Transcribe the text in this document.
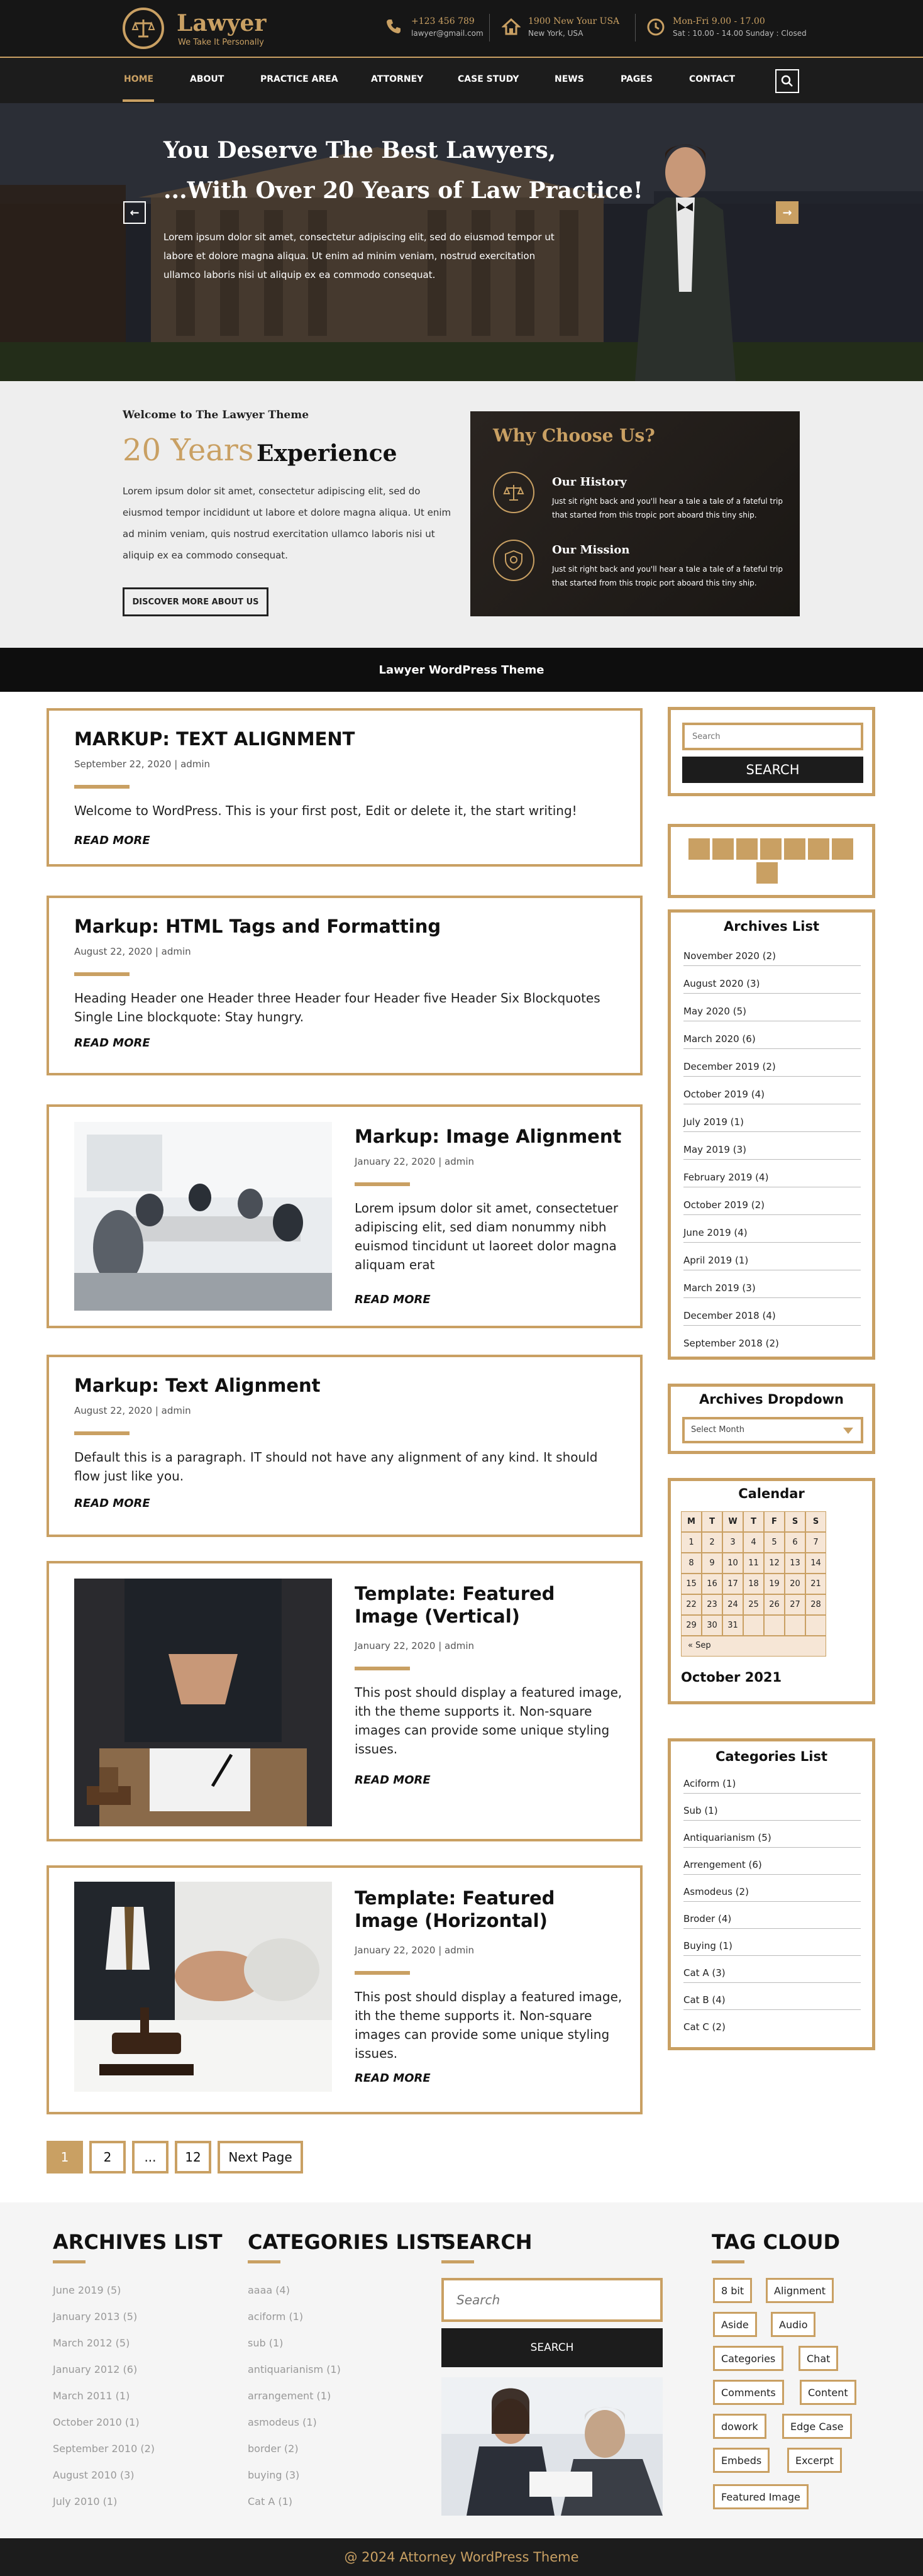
Lawyer
We Take It Personally
+123 456 789
lawyer@gmail.com
1900 New Your USA
New York, USA
Mon-Fri 9.00 - 17.00
Sat : 10.00 - 14.00 Sunday : Closed
HOME	ABOUT	PRACTICE AREA	ATTORNEY	CASE STUDY	NEWS	PAGES	CONTACT
You Deserve The Best Lawyers,
...With Over 20 Years of Law Practice!
Lorem ipsum dolor sit amet, consectetur adipiscing elit, sed do eiusmod tempor ut labore et dolore magna aliqua. Ut enim ad minim veniam, nostrud exercitation ullamco laboris nisi ut aliquip ex ea commodo consequat.
←	→
Welcome to The Lawyer Theme
20 Years Experience
Lorem ipsum dolor sit amet, consectetur adipiscing elit, sed do eiusmod tempor incididunt ut labore et dolore magna aliqua. Ut enim ad minim veniam, quis nostrud exercitation ullamco laboris nisi ut aliquip ex ea commodo consequat.
DISCOVER MORE ABOUT US
Why Choose Us?
Our History
Just sit right back and you'll hear a tale a tale of a fateful trip that started from this tropic port aboard this tiny ship.
Our Mission
Just sit right back and you'll hear a tale a tale of a fateful trip that started from this tropic port aboard this tiny ship.
Lawyer WordPress Theme
MARKUP: TEXT ALIGNMENT
September 22, 2020 | admin
Welcome to WordPress. This is your first post, Edit or delete it, the start writing!
READ MORE
Markup: HTML Tags and Formatting
August 22, 2020 | admin
Heading Header one Header three Header four Header five Header Six Blockquotes Single Line blockquote: Stay hungry.
READ MORE
Markup: Image Alignment
January 22, 2020 | admin
Lorem ipsum dolor sit amet, consectetuer adipiscing elit, sed diam nonummy nibh euismod tincidunt ut laoreet dolor magna aliquam erat
READ MORE
Markup: Text Alignment
August 22, 2020 | admin
Default this is a paragraph. IT should not have any alignment of any kind. It should flow just like you.
READ MORE
Template: Featured Image (Vertical)
January 22, 2020 | admin
This post should display a featured image, ith the theme supports it. Non-square images can provide some unique styling issues.
READ MORE
Template: Featured Image (Horizontal)
January 22, 2020 | admin
This post should display a featured image, ith the theme supports it. Non-square images can provide some unique styling issues.
READ MORE
Search
SEARCH
Archives List
November 2020 (2)
August 2020 (3)
May 2020 (5)
March 2020 (6)
December 2019 (2)
October 2019 (4)
July 2019 (1)
May 2019 (3)
February 2019 (4)
October 2019 (2)
June 2019 (4)
April 2019 (1)
March 2019 (3)
December 2018 (4)
September 2018 (2)
Archives Dropdown
Select Month
Calendar
M	T	W	T	F	S	S
1	2	3	4	5	6	7
8	9	10	11	12	13	14
15	16	17	18	19	20	21
22	23	24	25	26	27	28
29	30	31
« Sep
October 2021
Categories List
Aciform (1)
Sub (1)
Antiquarianism (5)
Arrengement (6)
Asmodeus (2)
Broder (4)
Buying (1)
Cat A (3)
Cat B (4)
Cat C (2)
1	2	...	12	Next Page
ARCHIVES LIST
June 2019 (5)
January 2013 (5)
March 2012 (5)
January 2012 (6)
March 2011 (1)
October 2010 (1)
September 2010 (2)
August 2010 (3)
July 2010 (1)
CATEGORIES LIST
aaaa (4)
aciform (1)
sub (1)
antiquarianism (1)
arrangement (1)
asmodeus (1)
border (2)
buying (3)
Cat A (1)
SEARCH
Search
SEARCH
TAG CLOUD
8 bit	Alignment
Aside	Audio
Categories	Chat
Comments	Content
dowork	Edge Case
Embeds	Excerpt
Featured Image
@ 2024 Attorney WordPress Theme
